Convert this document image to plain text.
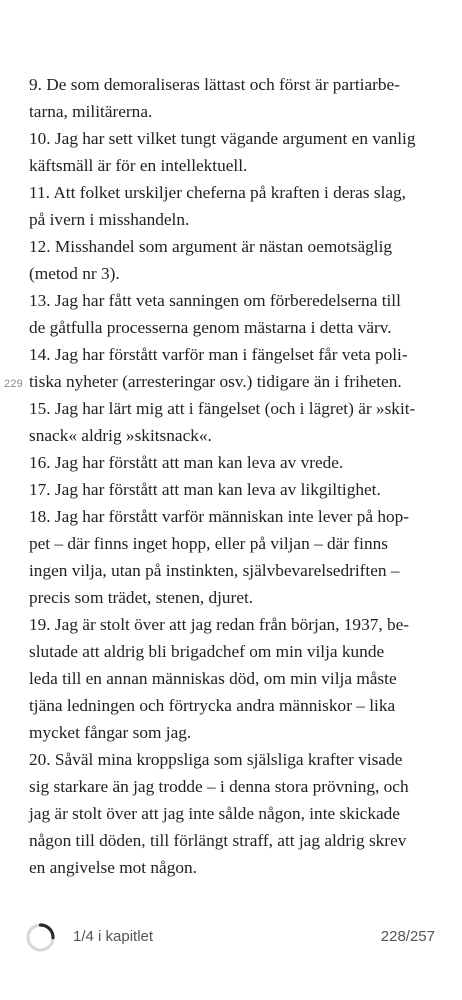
229

9. De som demoraliseras lättast och först är partiarbe-
tarna, militärerna.

10. Jag har sett vilket tungt vägande argument en vanlig
käftsmäll är för en intellektuell.

11. Att folket urskiljer cheferna på kraften i deras slag,
på ivern i misshandeln.

12. Misshandel som argument är nästan oemotsäglig
(metod nr 3).

13. Jag har fått veta sanningen om förberedelserna till
de gåtfulla processerna genom mästarna i detta värv.

14. Jag har förstått varför man i fängelset får veta poli-
tiska nyheter (arresteringar osv.) tidigare än i friheten.

15. Jag har lärt mig att i fängelset (och i lägret) är »skit-
snack« aldrig »skitsnack«.

16. Jag har förstått att man kan leva av vrede.

17. Jag har förstått att man kan leva av likgiltighet.

18. Jag har förstått varför människan inte lever på hop-
pet – där finns inget hopp, eller på viljan – där finns
ingen vilja, utan på instinkten, självbevarelsedriften –
precis som trädet, stenen, djuret.

19. Jag är stolt över att jag redan från början, 1937, be-
slutade att aldrig bli brigadchef om min vilja kunde
leda till en annan människas död, om min vilja måste
tjäna ledningen och förtrycka andra människor – lika
mycket fångar som jag.

20. Såväl mina kroppsliga som själsliga krafter visade
sig starkare än jag trodde – i denna stora prövning, och
jag är stolt över att jag inte sålde någon, inte skickade
någon till döden, till förlängt straff, att jag aldrig skrev
en angivelse mot någon.

1/4 i kapitlet	228/257
